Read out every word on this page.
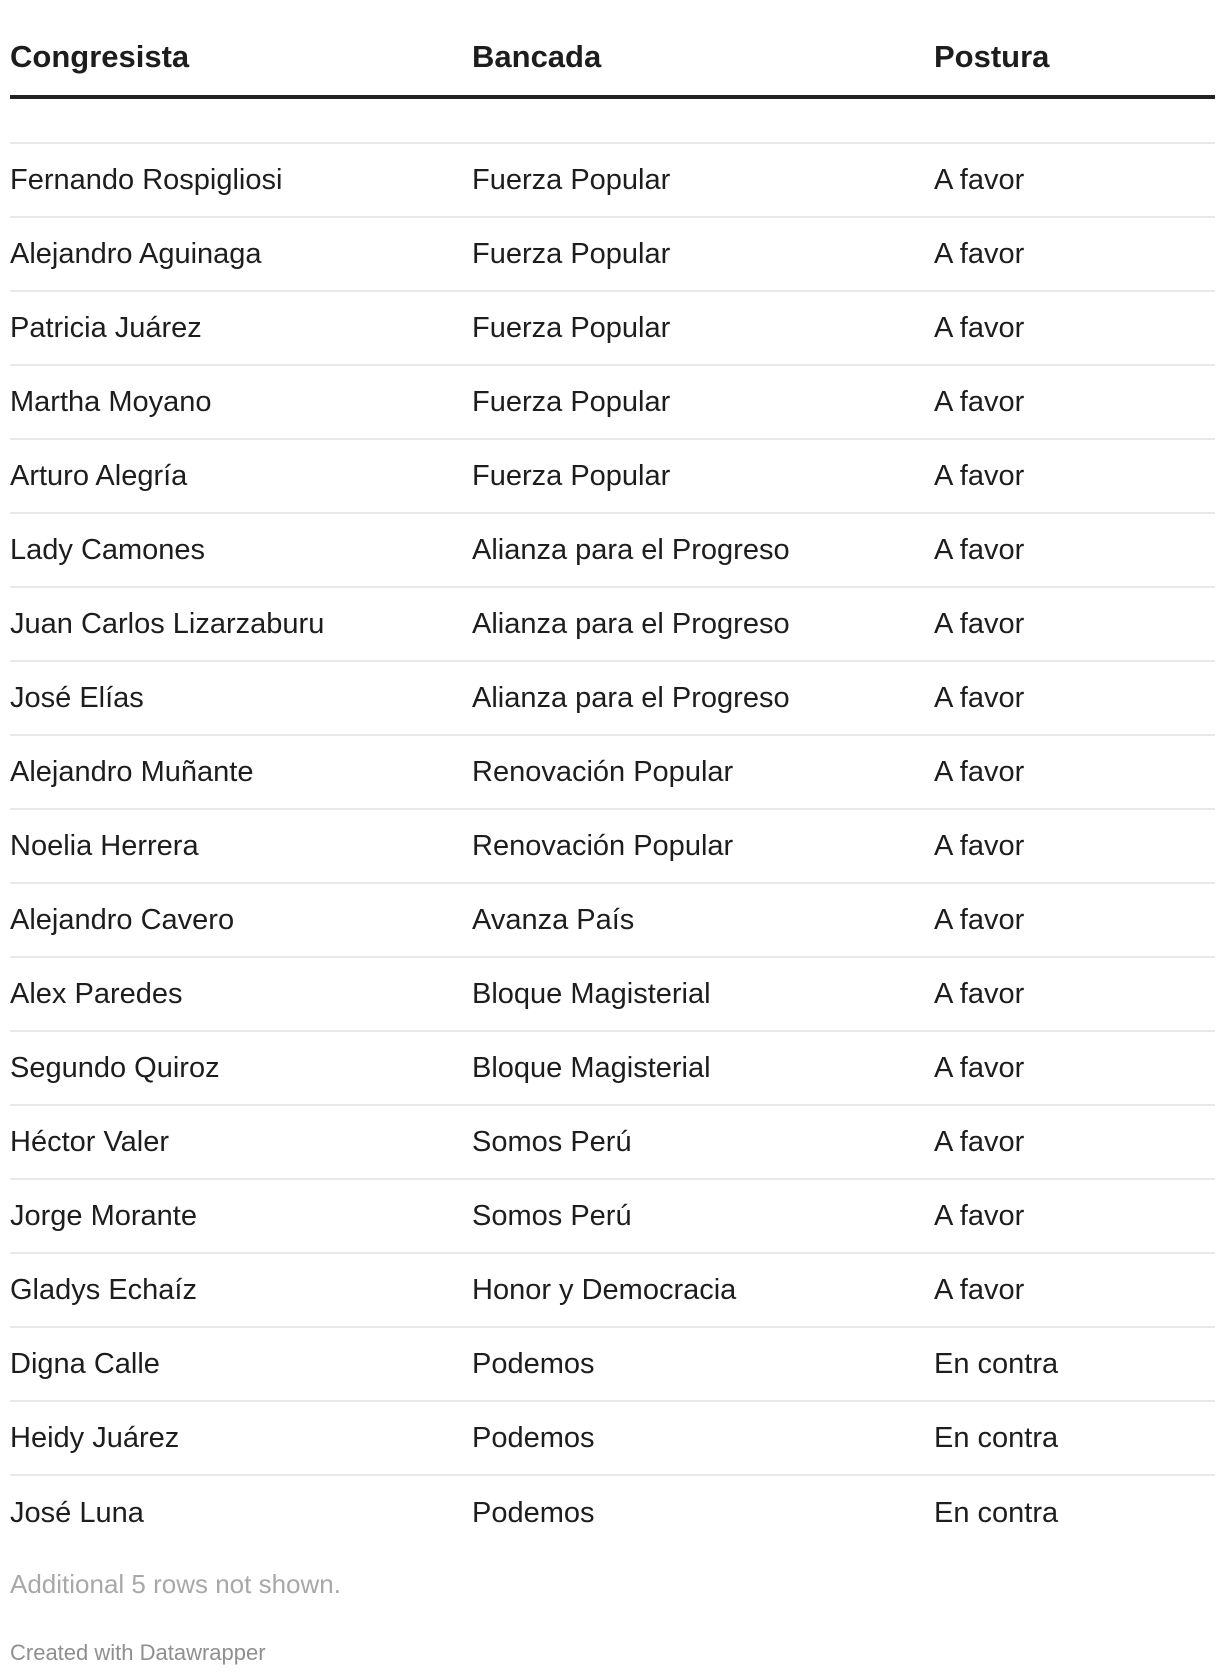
Congresista	Bancada	Postura
Fernando Rospigliosi	Fuerza Popular	A favor
Alejandro Aguinaga	Fuerza Popular	A favor
Patricia Juárez	Fuerza Popular	A favor
Martha Moyano	Fuerza Popular	A favor
Arturo Alegría	Fuerza Popular	A favor
Lady Camones	Alianza para el Progreso	A favor
Juan Carlos Lizarzaburu	Alianza para el Progreso	A favor
José Elías	Alianza para el Progreso	A favor
Alejandro Muñante	Renovación Popular	A favor
Noelia Herrera	Renovación Popular	A favor
Alejandro Cavero	Avanza País	A favor
Alex Paredes	Bloque Magisterial	A favor
Segundo Quiroz	Bloque Magisterial	A favor
Héctor Valer	Somos Perú	A favor
Jorge Morante	Somos Perú	A favor
Gladys Echaíz	Honor y Democracia	A favor
Digna Calle	Podemos	En contra
Heidy Juárez	Podemos	En contra
José Luna	Podemos	En contra
Additional 5 rows not shown.
Created with Datawrapper
